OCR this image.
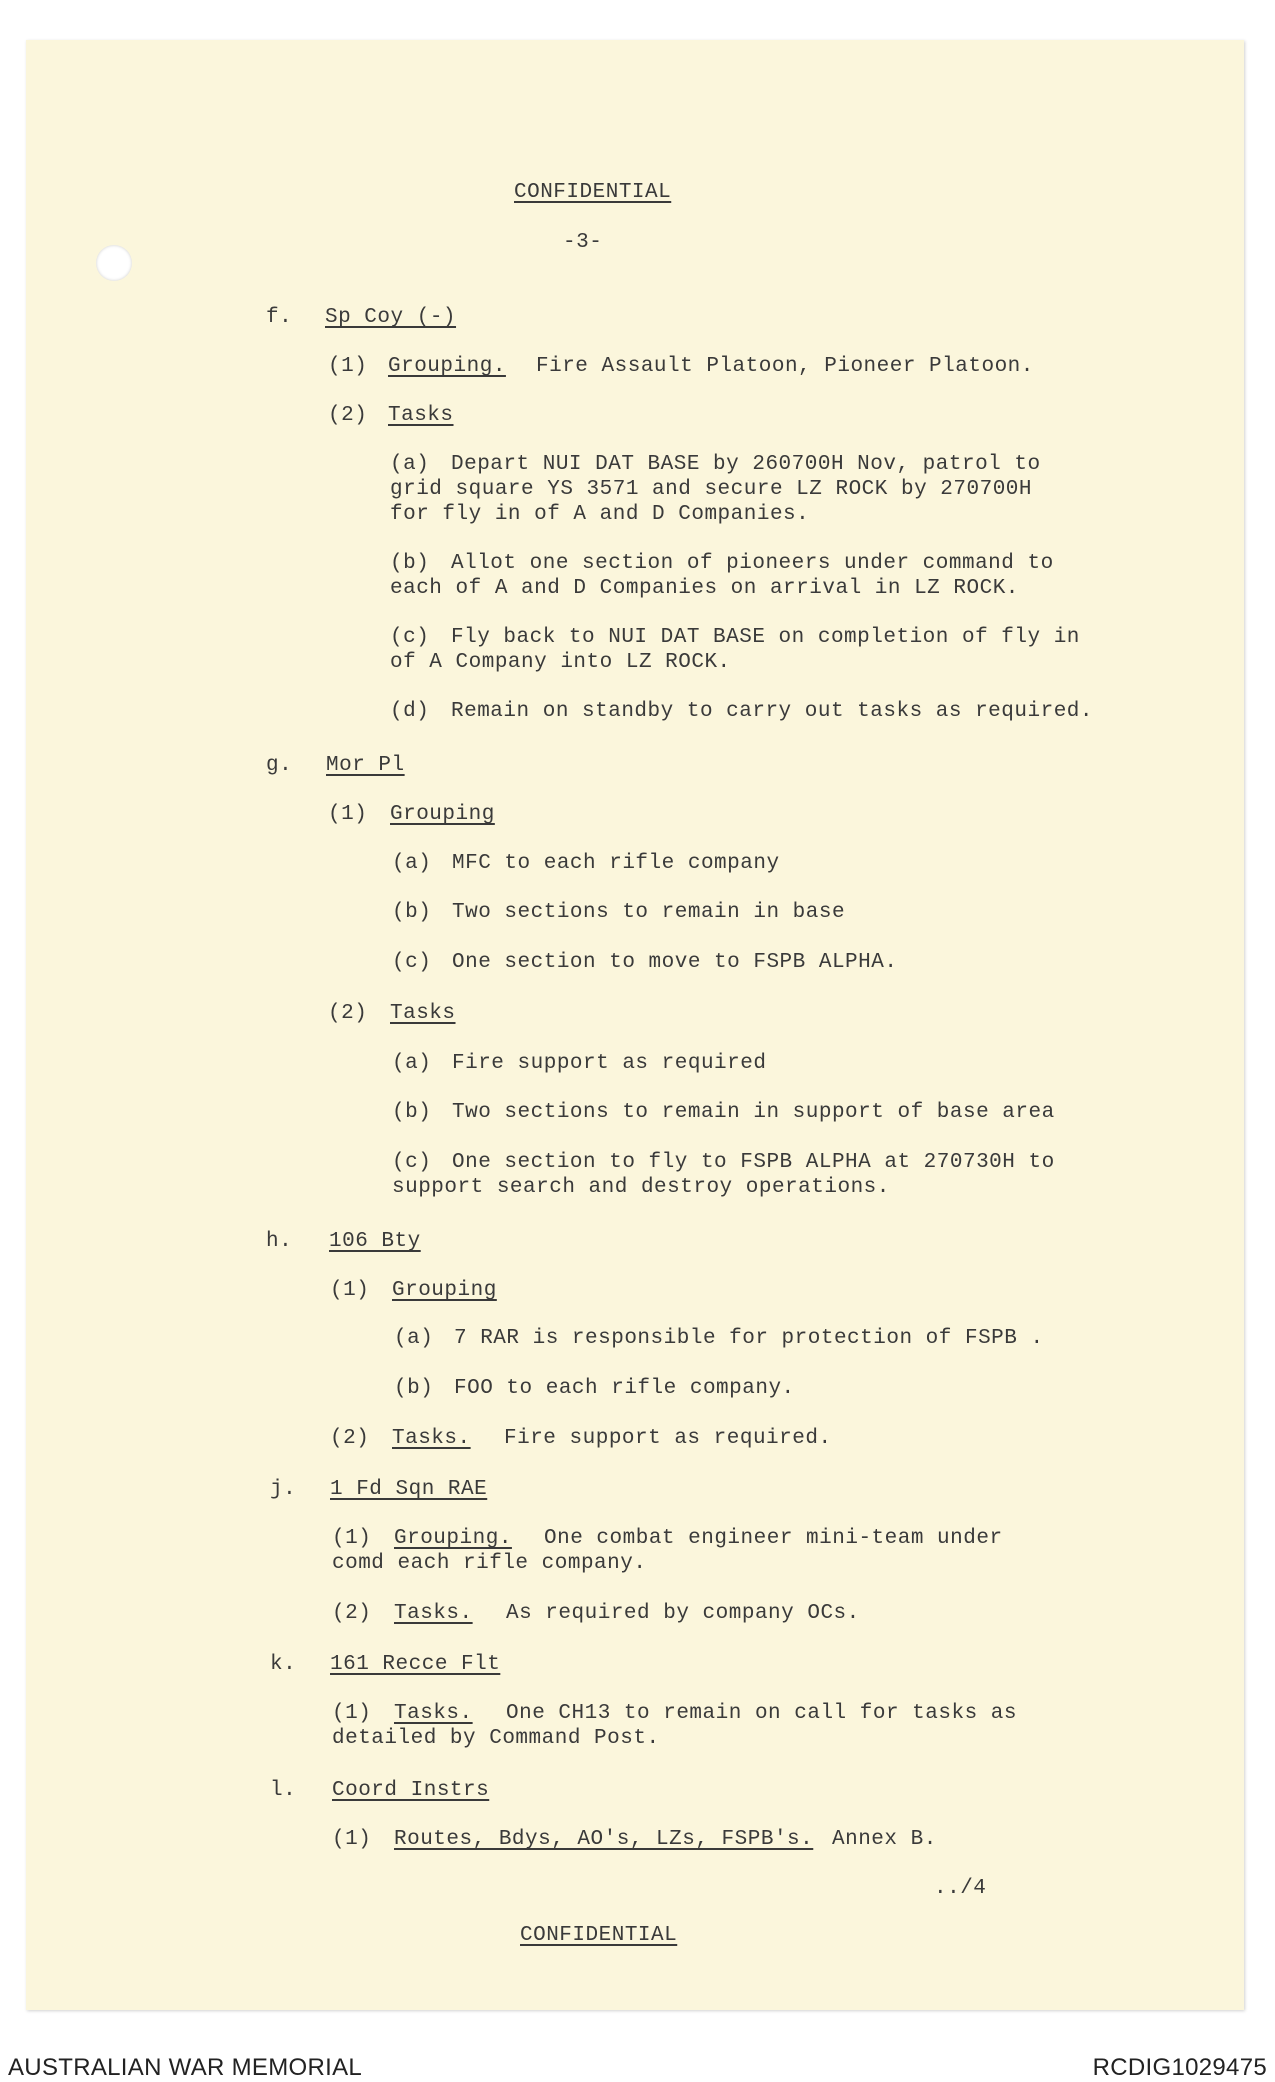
CONFIDENTIAL

-3-

f. Sp Coy (-)

(1) Grouping. Fire Assault Platoon, Pioneer Platoon.

(2) Tasks

(a) Depart NUI DAT BASE by 260700H Nov, patrol to

grid square YS 3571 and secure LZ ROCK by 270700H

for fly in of A and D Companies.

(b) Allot one section of pioneers under command to

each of A and D Companies on arrival in LZ ROCK.

(c) Fly back to NUI DAT BASE on completion of fly in

of A Company into LZ ROCK.

(d) Remain on standby to carry out tasks as required.

g. Mor Pl

(1) Grouping

(a) MFC to each rifle company

(b) Two sections to remain in base

(c) One section to move to FSPB ALPHA.

(2) Tasks

(a) Fire support as required

(b) Two sections to remain in support of base area

(c) One section to fly to FSPB ALPHA at 270730H to

support search and destroy operations.

h. 106 Bty

(1) Grouping

(a) 7 RAR is responsible for protection of FSPB .

(b) FOO to each rifle company.

(2) Tasks. Fire support as required.

j. 1 Fd Sqn RAE

(1) Grouping. One combat engineer mini-team under

comd each rifle company.

(2) Tasks. As required by company OCs.

k. 161 Recce Flt

(1) Tasks. One CH13 to remain on call for tasks as

detailed by Command Post.

l. Coord Instrs

(1) Routes, Bdys, AO's, LZs, FSPB's. Annex B.

../4

CONFIDENTIAL

AUSTRALIAN WAR MEMORIAL	RCDIG1029475
